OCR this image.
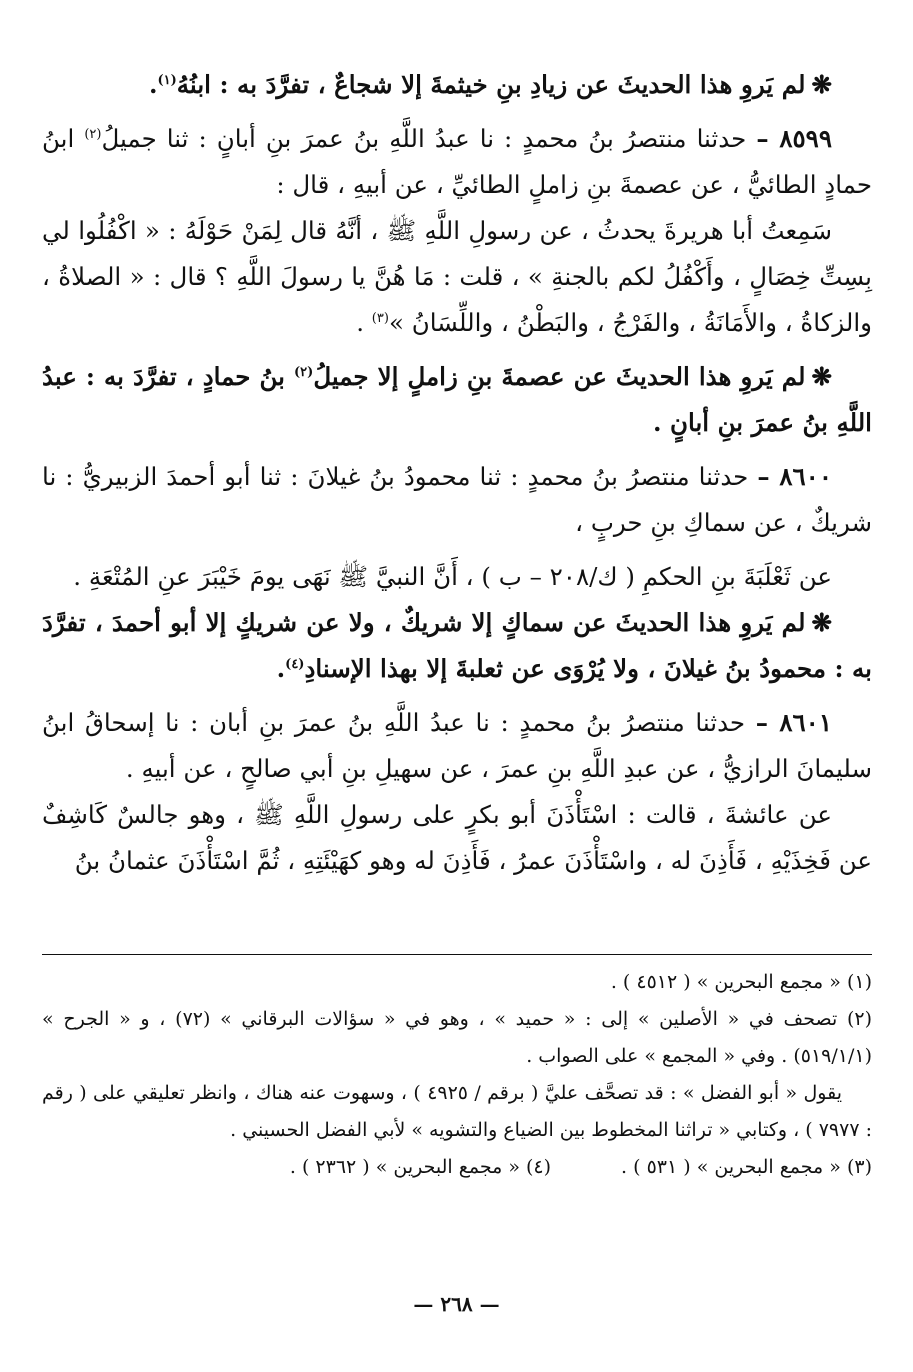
❋لم يَروِ هذا الحديثَ عن زيادِ بنِ خيثمةَ إلا شجاعٌ ، تفرَّدَ به : ابنُهُ$^{(١)}$.

٨٥٩٩ – حدثنا منتصرُ بنُ محمدٍ : نا عبدُ اللَّهِ بنُ عمرَ بنِ أبانٍ : ثنا جميلُ$^{(٢)}$ ابنُ حمادٍ الطائيُّ ، عن عصمةَ بنِ زاملٍ الطائيِّ ، عن أبيهِ ، قال :

سَمِعتُ أبا هريرةَ يحدثُ ، عن رسولِ اللَّهِ ﷺ ، أنَّهُ قال لِمَنْ حَوْلَهُ : « اكْفُلُوا لي بِسِتِّ خِصَالٍ ، وأَكْفُلُ لكم بالجنةِ » ، قلت : مَا هُنَّ يا رسولَ اللَّهِ ؟ قال : « الصلاةُ ، والزكاةُ ، والأَمَانَةُ ، والفَرْجُ ، والبَطْنُ ، واللِّسَانُ »$^{(٣)}$ .

❋لم يَروِ هذا الحديثَ عن عصمةَ بنِ زاملٍ إلا جميلُ$^{(٢)}$ بنُ حمادٍ ، تفرَّدَ به : عبدُ اللَّهِ بنُ عمرَ بنِ أبانٍ .

٨٦٠٠ – حدثنا منتصرُ بنُ محمدٍ : ثنا محمودُ بنُ غيلانَ : ثنا أبو أحمدَ الزبيريُّ : نا شريكٌ ، عن سماكِ بنِ حربٍ ،

عن ثَعْلَبَةَ بنِ الحكمِ ( ك/٢٠٨ – ب ) ، أَنَّ النبيَّ ﷺ نَهَى يومَ خَيْبَرَ عنِ المُتْعَةِ .

❋لم يَروِ هذا الحديثَ عن سماكٍ إلا شريكٌ ، ولا عن شريكٍ إلا أبو أحمدَ ، تفرَّدَ به : محمودُ بنُ غيلانَ ، ولا يُرْوَى عن ثعلبةَ إلا بهذا الإسنادِ$^{(٤)}$.

٨٦٠١ – حدثنا منتصرُ بنُ محمدٍ : نا عبدُ اللَّهِ بنُ عمرَ بنِ أبان : نا إسحاقُ ابنُ سليمانَ الرازيُّ ، عن عبدِ اللَّهِ بنِ عمرَ ، عن سهيلِ بنِ أبي صالحٍ ، عن أبيهِ .

عن عائشةَ ، قالت : اسْتَأْذَنَ أبو بكرٍ على رسولِ اللَّهِ ﷺ ، وهو جالسٌ كَاشِفٌ عن فَخِذَيْهِ ، فَأَذِنَ له ، واسْتَأْذَنَ عمرُ ، فَأَذِنَ له وهو كهَيْئَتِهِ ، ثُمَّ اسْتَأْذَنَ عثمانُ بنُ

(١) « مجمع البحرين » ( ٤٥١٢ ) .

(٢) تصحف في « الأصلين » إلى : « حميد » ، وهو في « سؤالات البرقاني » (٧٢) ، و « الجرح » (٥١٩/١/١) . وفي « المجمع » على الصواب .

يقول « أبو الفضل » : قد تصحَّف عليَّ ( برقم / ٤٩٢٥ ) ، وسهوت عنه هناك ، وانظر تعليقي على ( رقم : ٧٩٧٧ ) ، وكتابي « تراثنا المخطوط بين الضياع والتشويه » لأبي الفضل الحسيني .

(٣) « مجمع البحرين » ( ٥٣١ ) .
(٤) « مجمع البحرين » ( ٢٣٦٢ ) .

— ٢٦٨ —
